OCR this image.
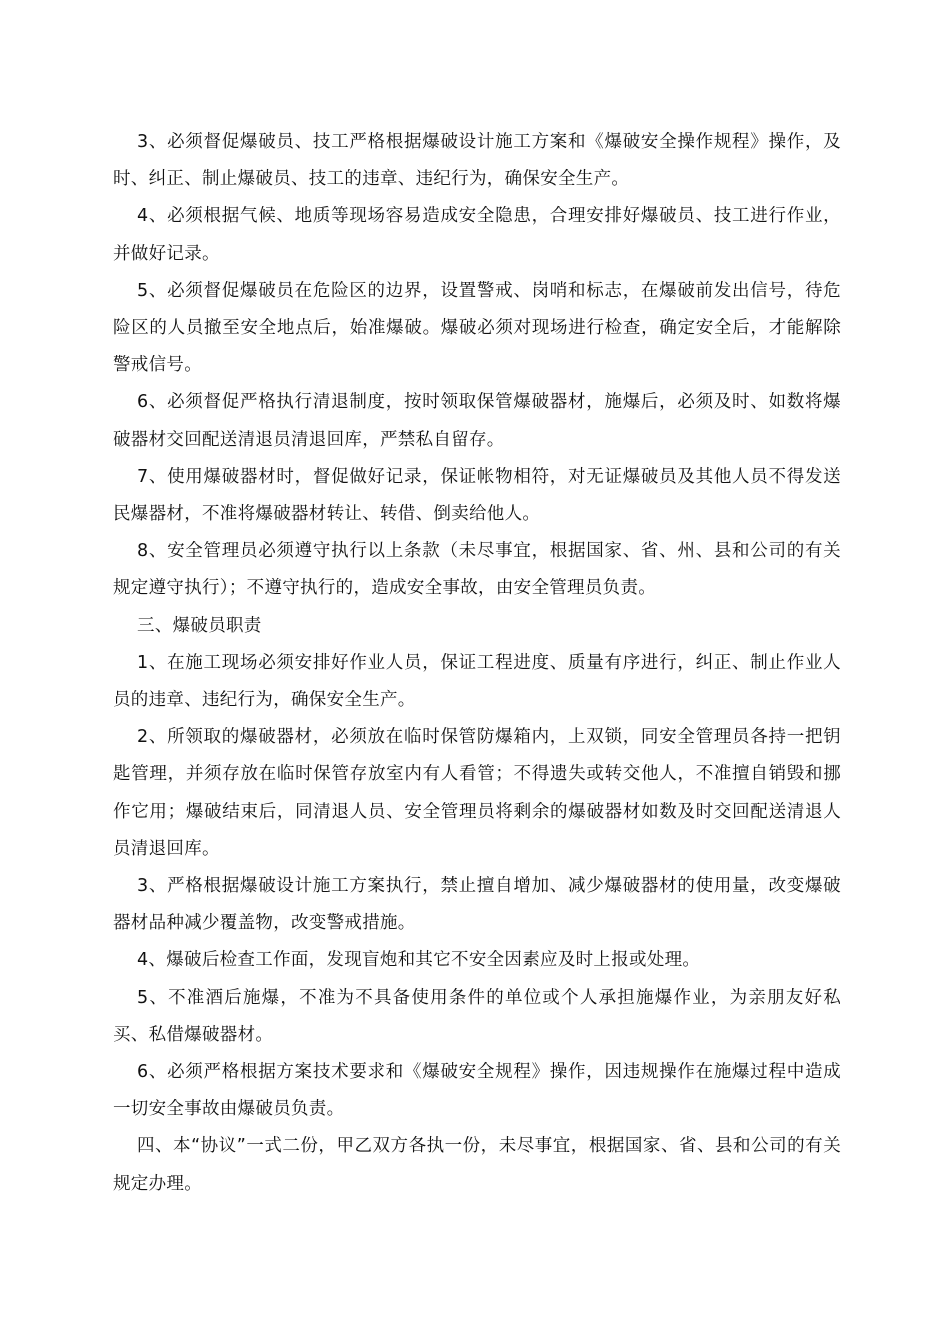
3、必须督促爆破员、技工严格根据爆破设计施工方案和《爆破安全操作规程》操作，及时、纠正、制止爆破员、技工的违章、违纪行为，确保安全生产。

4、必须根据气候、地质等现场容易造成安全隐患，合理安排好爆破员、技工进行作业，并做好记录。

5、必须督促爆破员在危险区的边界，设置警戒、岗哨和标志，在爆破前发出信号，待危险区的人员撤至安全地点后，始准爆破。爆破必须对现场进行检查，确定安全后，才能解除警戒信号。

6、必须督促严格执行清退制度，按时领取保管爆破器材，施爆后，必须及时、如数将爆破器材交回配送清退员清退回库，严禁私自留存。

7、使用爆破器材时，督促做好记录，保证帐物相符，对无证爆破员及其他人员不得发送民爆器材，不准将爆破器材转让、转借、倒卖给他人。

8、安全管理员必须遵守执行以上条款（未尽事宜，根据国家、省、州、县和公司的有关规定遵守执行）；不遵守执行的，造成安全事故，由安全管理员负责。

三、爆破员职责

1、在施工现场必须安排好作业人员，保证工程进度、质量有序进行，纠正、制止作业人员的违章、违纪行为，确保安全生产。

2、所领取的爆破器材，必须放在临时保管防爆箱内，上双锁，同安全管理员各持一把钥匙管理，并须存放在临时保管存放室内有人看管；不得遗失或转交他人，不准擅自销毁和挪作它用；爆破结束后，同清退人员、安全管理员将剩余的爆破器材如数及时交回配送清退人员清退回库。

3、严格根据爆破设计施工方案执行，禁止擅自增加、减少爆破器材的使用量，改变爆破器材品种减少覆盖物，改变警戒措施。

4、爆破后检查工作面，发现盲炮和其它不安全因素应及时上报或处理。

5、不准酒后施爆，不准为不具备使用条件的单位或个人承担施爆作业，为亲朋友好私买、私借爆破器材。

6、必须严格根据方案技术要求和《爆破安全规程》操作，因违规操作在施爆过程中造成一切安全事故由爆破员负责。

四、本“协议”一式二份，甲乙双方各执一份，未尽事宜，根据国家、省、县和公司的有关规定办理。
